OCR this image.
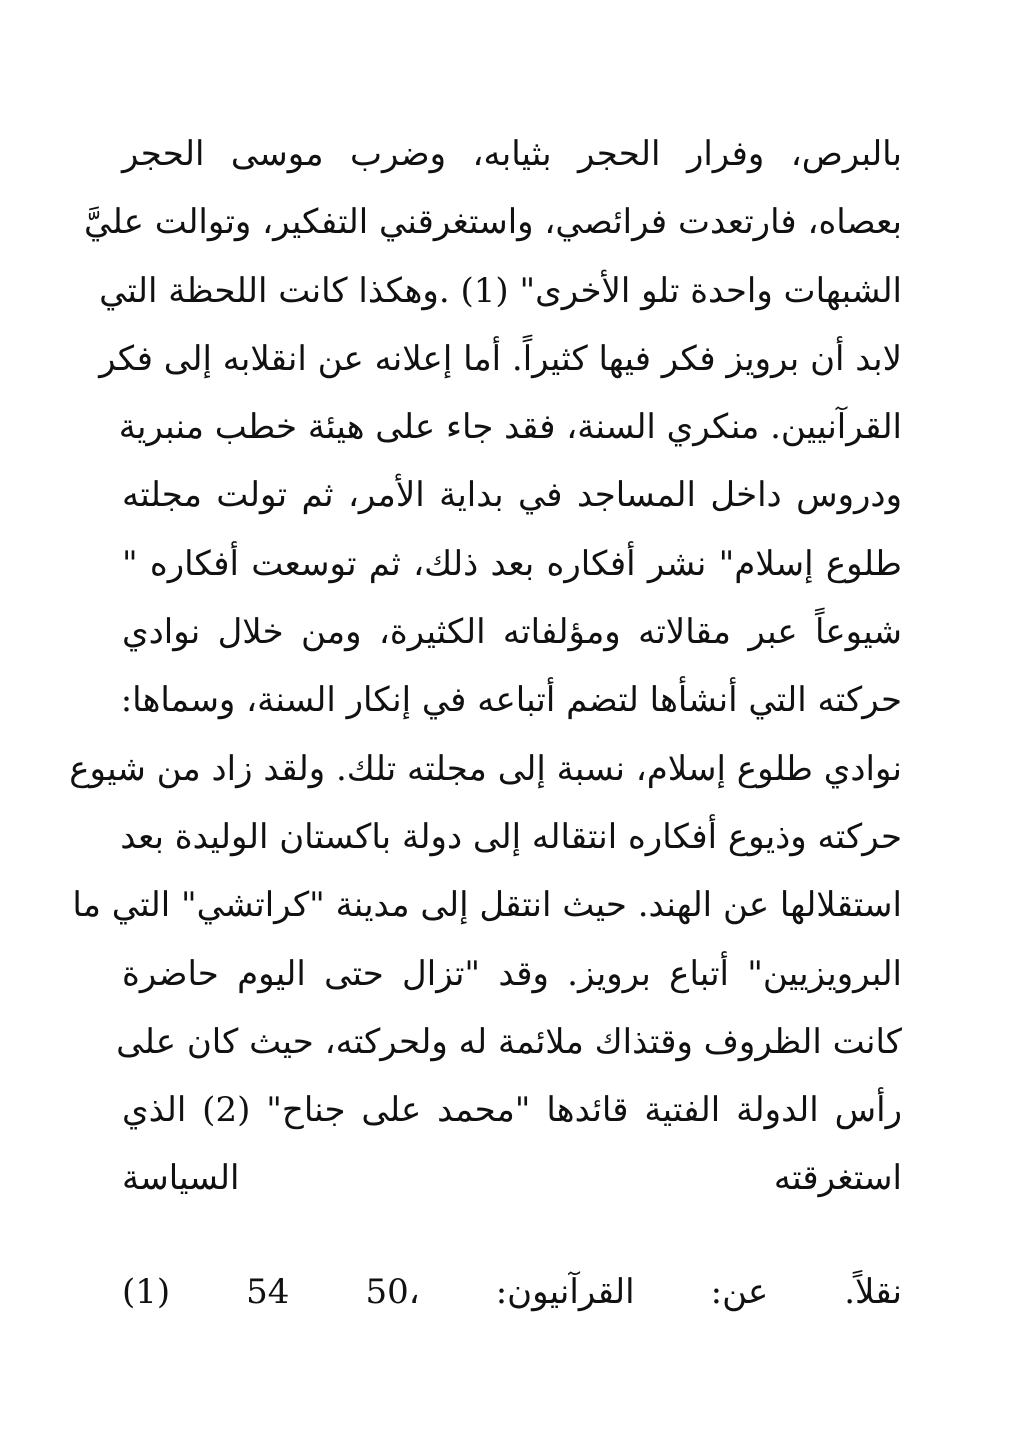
بالبرص، وفرار الحجر بثيابه، وضرب موسى الحجر
بعصاه، فارتعدت فرائصي، واستغرقني التفكير، وتوالت عليَّ
الشبهات واحدة تلو الأخرى" (1) .وهكذا كانت اللحظة التي
لابد أن برويز فكر فيها كثيراً. أما إعلانه عن انقلابه إلى فكر
القرآنيين. منكري السنة، فقد جاء على هيئة خطب منبرية
ودروس داخل المساجد في بداية الأمر، ثم تولت مجلته
طلوع إسلام" نشر أفكاره بعد ذلك، ثم توسعت أفكاره "
شيوعاً عبر مقالاته ومؤلفاته الكثيرة، ومن خلال نوادي
حركته التي أنشأها لتضم أتباعه في إنكار السنة، وسماها:
نوادي طلوع إسلام، نسبة إلى مجلته تلك. ولقد زاد من شيوع
حركته وذيوع أفكاره انتقاله إلى دولة باكستان الوليدة بعد
استقلالها عن الهند. حيث انتقل إلى مدينة "كراتشي" التي ما
البرويزيين" أتباع برويز. وقد "تزال حتى اليوم حاضرة
كانت الظروف وقتذاك ملائمة له ولحركته، حيث كان على
رأس الدولة الفتية قائدها "محمد على جناح" (2) الذي
استغرقته
السياسة
نقلاً.
عن:
القرآنيون:
50،
54
(1)
